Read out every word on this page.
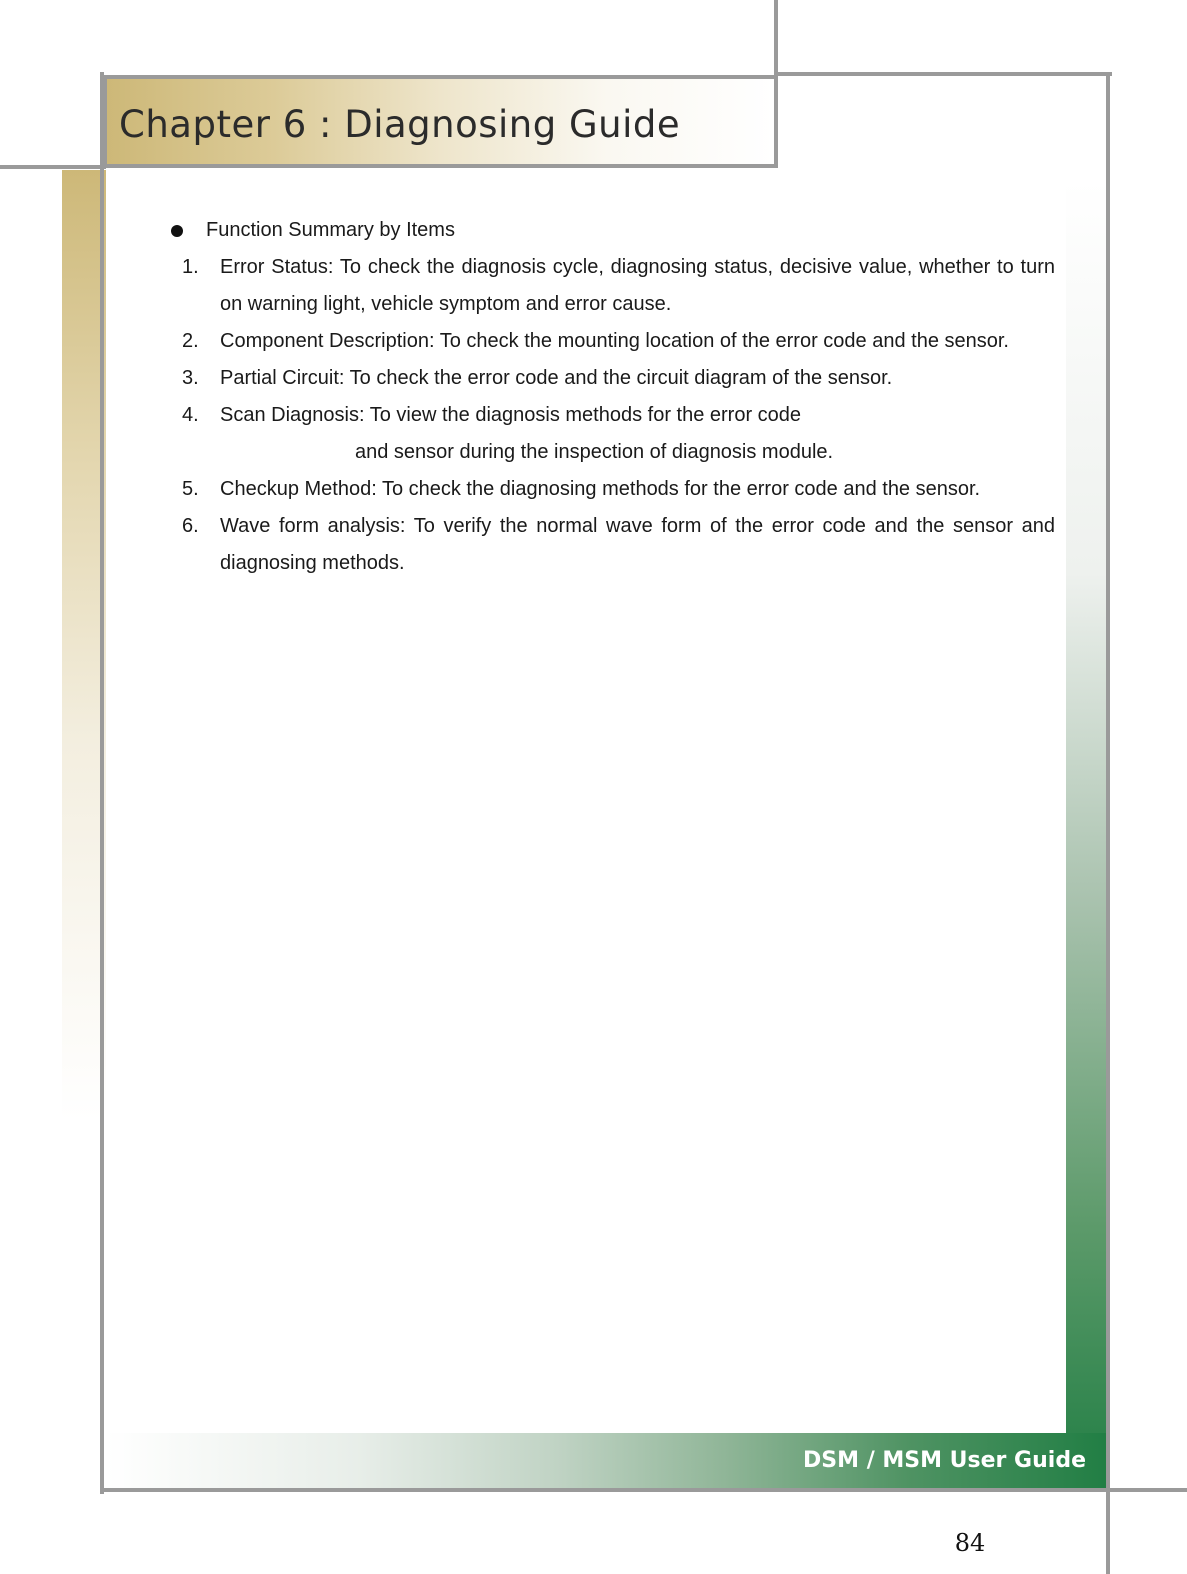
Chapter 6 : Diagnosing Guide
Function Summary by Items
1. Error Status: To check the diagnosis cycle, diagnosing status, decisive value, whether to turn on warning light, vehicle symptom and error cause.
2. Component Description: To check the mounting location of the error code and the sensor.
3. Partial Circuit: To check the error code and the circuit diagram of the sensor.
4. Scan Diagnosis: To view the diagnosis methods for the error code
and sensor during the inspection of diagnosis module.
5. Checkup Method: To check the diagnosing methods for the error code and the sensor.
6. Wave form analysis: To verify the normal wave form of the error code and the sensor and diagnosing methods.
DSM / MSM User Guide
84
